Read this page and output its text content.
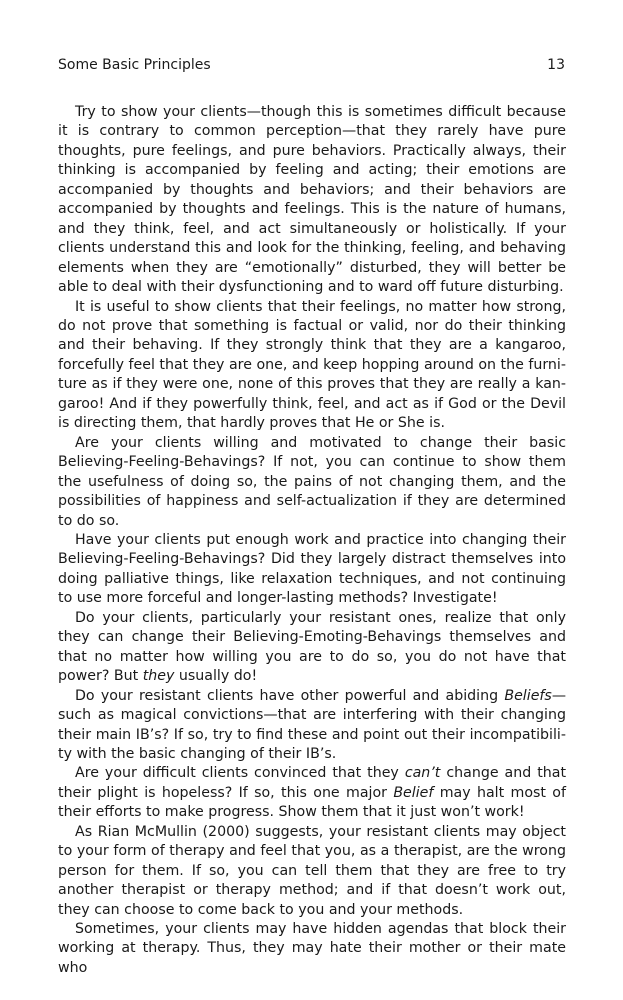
Some Basic Principles	13

Try to show your clients—though this is sometimes difficult because it is contrary to common perception—that they rarely have pure thoughts, pure feelings, and pure behaviors. Practically always, their thinking is accompanied by feeling and acting; their emotions are accompanied by thoughts and behaviors; and their behaviors are accompanied by thoughts and feelings. This is the nature of humans, and they think, feel, and act simultaneously or holistically. If your clients understand this and look for the thinking, feeling, and behaving elements when they are “emotionally” disturbed, they will better be able to deal with their dysfunctioning and to ward off future disturbing.

It is useful to show clients that their feelings, no matter how strong, do not prove that something is factual or valid, nor do their thinking and their behaving. If they strongly think that they are a kangaroo, forcefully feel that they are one, and keep hopping around on the furniture as if they were one, none of this proves that they are really a kangaroo! And if they powerfully think, feel, and act as if God or the Devil is directing them, that hardly proves that He or She is.

Are your clients willing and motivated to change their basic Believing-Feeling-Behavings? If not, you can continue to show them the usefulness of doing so, the pains of not changing them, and the possibilities of happiness and self-actualization if they are determined to do so.

Have your clients put enough work and practice into changing their Believing-Feeling-Behavings? Did they largely distract themselves into doing palliative things, like relaxation techniques, and not continuing to use more forceful and longer-lasting methods? Investigate!

Do your clients, particularly your resistant ones, realize that only they can change their Believing-Emoting-Behavings themselves and that no matter how willing you are to do so, you do not have that power? But they usually do!

Do your resistant clients have other powerful and abiding Beliefs— such as magical convictions—that are interfering with their changing their main IB’s? If so, try to find these and point out their incompatibility with the basic changing of their IB’s.

Are your difficult clients convinced that they can’t change and that their plight is hopeless? If so, this one major Belief may halt most of their efforts to make progress. Show them that it just won’t work!

As Rian McMullin (2000) suggests, your resistant clients may object to your form of therapy and feel that you, as a therapist, are the wrong person for them. If so, you can tell them that they are free to try another therapist or therapy method; and if that doesn’t work out, they can choose to come back to you and your methods.

Sometimes, your clients may have hidden agendas that block their working at therapy. Thus, they may hate their mother or their mate who
